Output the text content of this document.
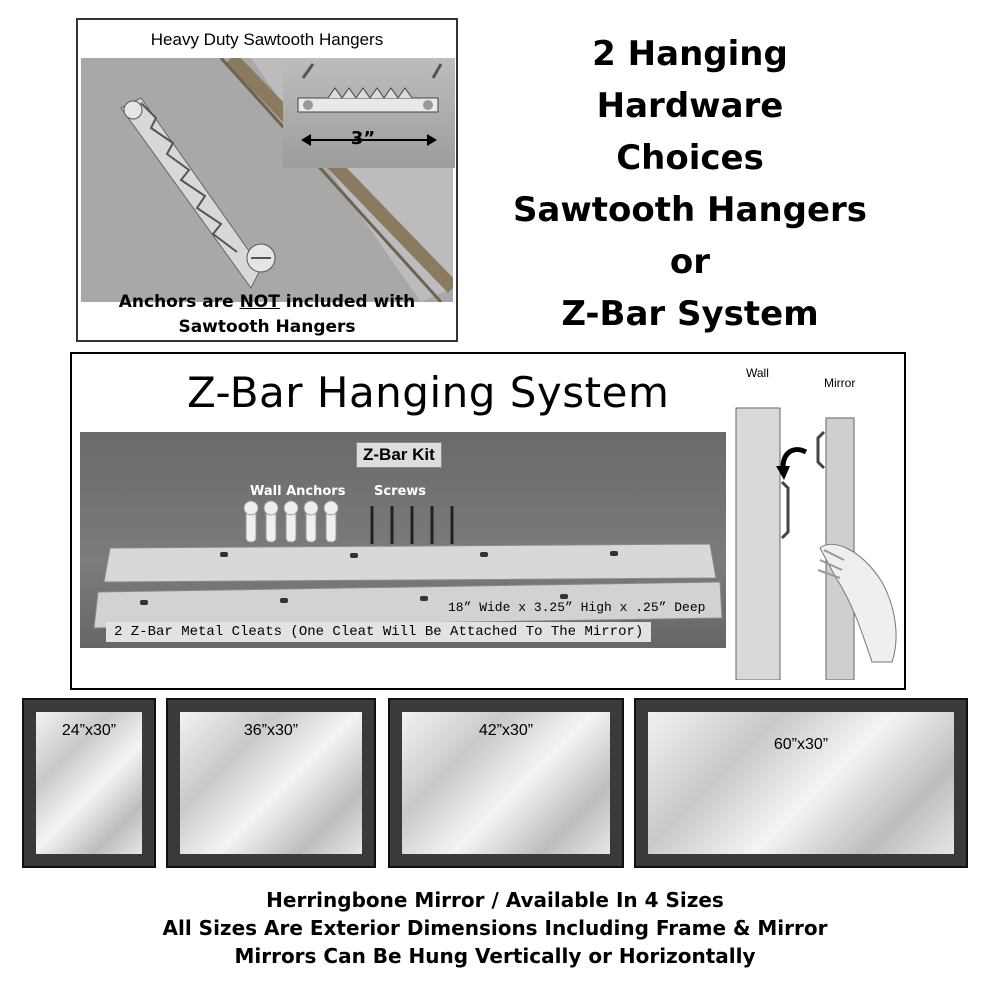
Heavy Duty Sawtooth Hangers
3”
Anchors are NOT included with
Sawtooth Hangers
2 Hanging
Hardware
Choices
Sawtooth Hangers
or
Z-Bar System
Z-Bar Hanging System
Z-Bar Kit
Wall Anchors Screws
18” Wide x 3.25” High x .25” Deep
2 Z-Bar Metal Cleats (One Cleat Will Be Attached To The Mirror)
Wall
Mirror
24”x30”	36”x30”	42”x30”
60”x30”
Herringbone Mirror / Available In 4 Sizes
All Sizes Are Exterior Dimensions Including Frame & Mirror
Mirrors Can Be Hung Vertically or Horizontally
